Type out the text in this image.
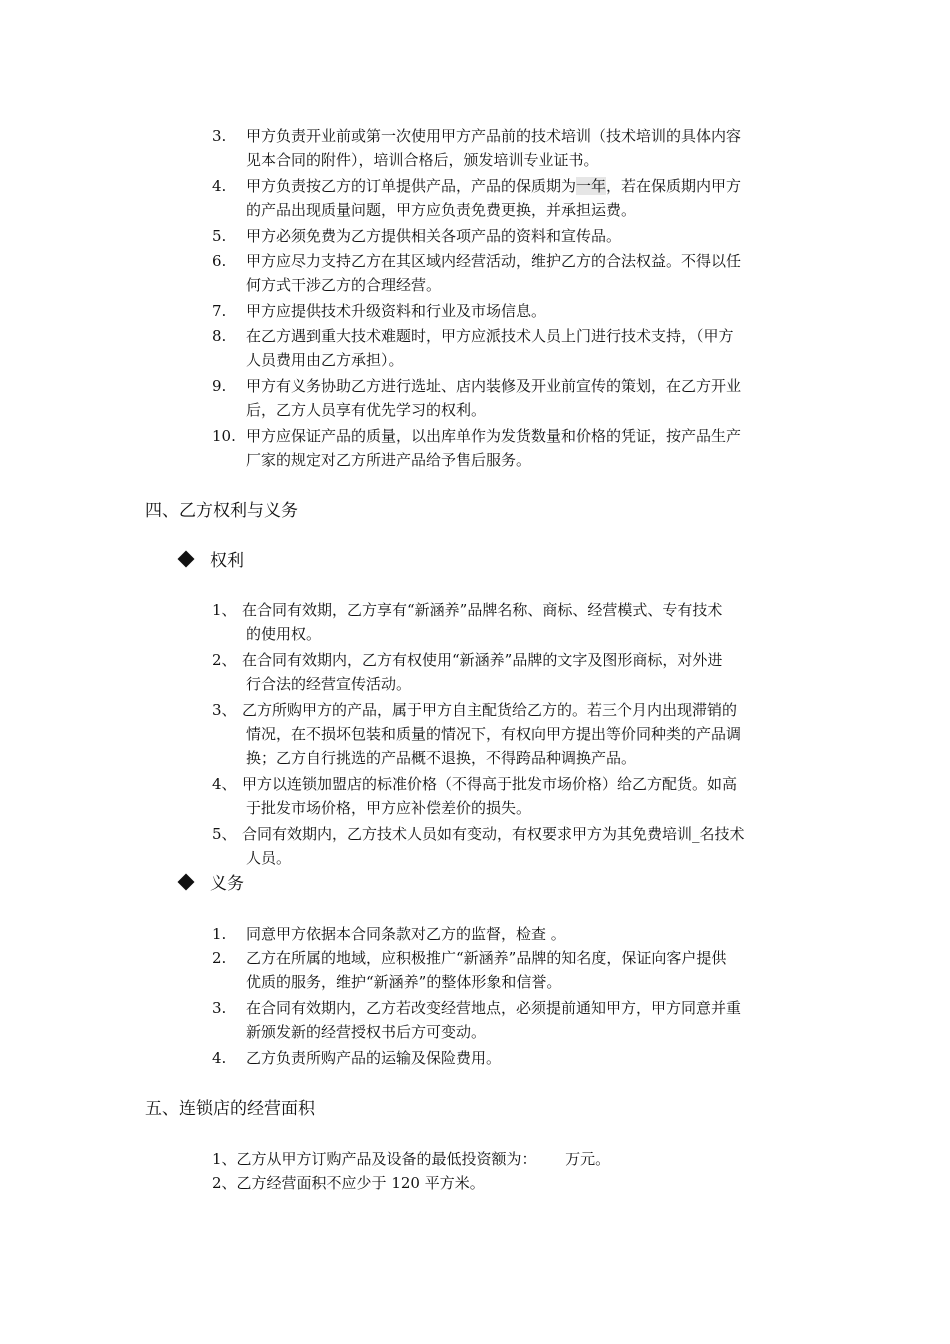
3. 甲方负责开业前或第一次使用甲方产品前的技术培训（技术培训的具体内容
见本合同的附件），培训合格后，颁发培训专业证书。
4. 甲方负责按乙方的订单提供产品，产品的保质期为一年，若在保质期内甲方
的产品出现质量问题，甲方应负责免费更换，并承担运费。
5. 甲方必须免费为乙方提供相关各项产品的资料和宣传品。
6. 甲方应尽力支持乙方在其区域内经营活动，维护乙方的合法权益。不得以任
何方式干涉乙方的合理经营。
7. 甲方应提供技术升级资料和行业及市场信息。
8. 在乙方遇到重大技术难题时，甲方应派技术人员上门进行技术支持，（甲方
人员费用由乙方承担）。
9. 甲方有义务协助乙方进行选址、店内装修及开业前宣传的策划，在乙方开业
后，乙方人员享有优先学习的权利。
10. 甲方应保证产品的质量，以出库单作为发货数量和价格的凭证，按产品生产
厂家的规定对乙方所进产品给予售后服务。
四、乙方权利与义务
权利
1、 在合同有效期，乙方享有“新涵养”品牌名称、商标、经营模式、专有技术
的使用权。
2、 在合同有效期内，乙方有权使用“新涵养”品牌的文字及图形商标，对外进
行合法的经营宣传活动。
3、 乙方所购甲方的产品，属于甲方自主配货给乙方的。若三个月内出现滞销的
情况，在不损坏包装和质量的情况下，有权向甲方提出等价同种类的产品调
换；乙方自行挑选的产品概不退换，不得跨品种调换产品。
4、 甲方以连锁加盟店的标准价格（不得高于批发市场价格）给乙方配货。如高
于批发市场价格，甲方应补偿差价的损失。
5、 合同有效期内，乙方技术人员如有变动，有权要求甲方为其免费培训_名技术
人员。
义务
1. 同意甲方依据本合同条款对乙方的监督，检查 。
2. 乙方在所属的地域，应积极推广“新涵养”品牌的知名度，保证向客户提供
优质的服务，维护“新涵养”的整体形象和信誉。
3. 在合同有效期内，乙方若改变经营地点，必须提前通知甲方，甲方同意并重
新颁发新的经营授权书后方可变动。
4. 乙方负责所购产品的运输及保险费用。
五、连锁店的经营面积
1、乙方从甲方订购产品及设备的最低投资额为：      万元。
2、乙方经营面积不应少于 120 平方米。
